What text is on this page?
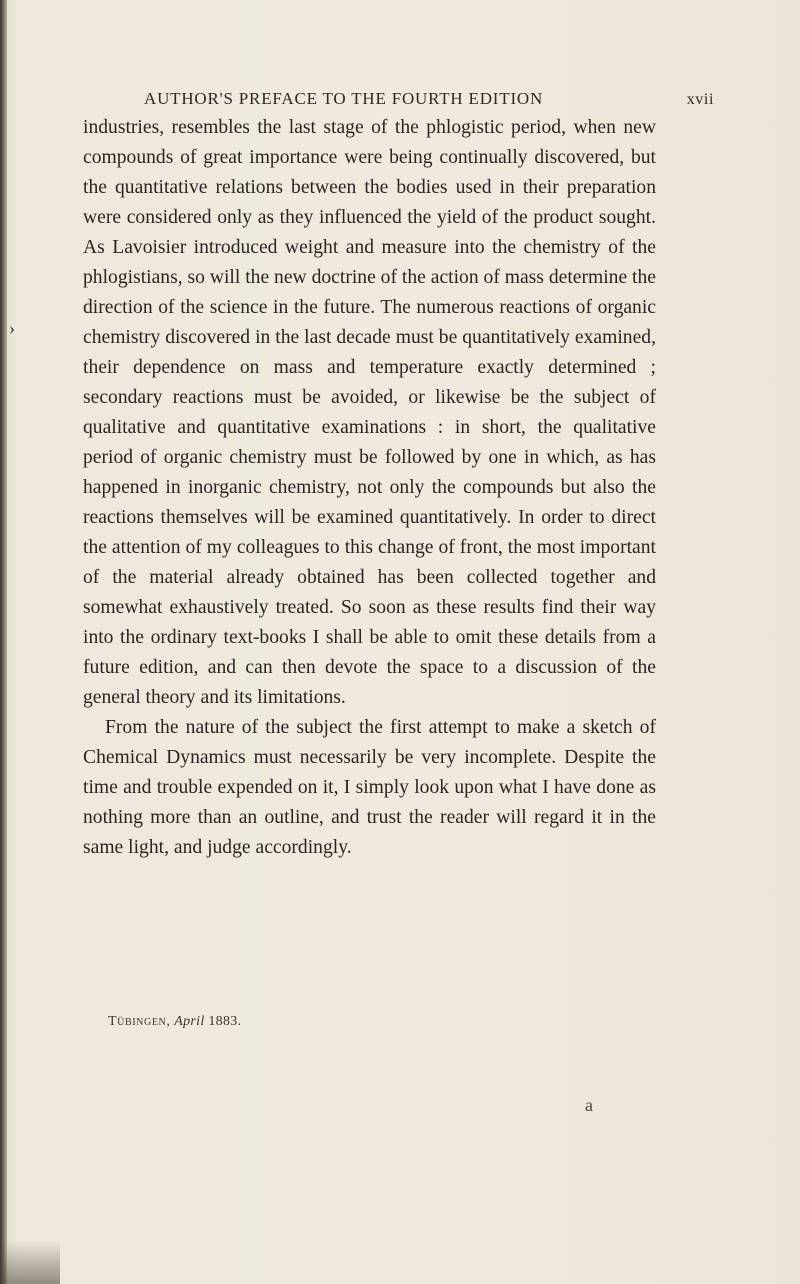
›
AUTHOR'S PREFACE TO THE FOURTH EDITION	xvii

industries, resembles the last stage of the phlogistic period, when new compounds of great importance were being continually discovered, but the quantitative relations between the bodies used in their preparation were considered only as they influenced the yield of the product sought. As Lavoisier introduced weight and measure into the chemistry of the phlogistians, so will the new doctrine of the action of mass determine the direction of the science in the future. The numerous reactions of organic chemistry discovered in the last decade must be quantitatively examined, their dependence on mass and temperature exactly determined ; secondary reactions must be avoided, or likewise be the subject of qualitative and quantitative examinations : in short, the qualitative period of organic chemistry must be followed by one in which, as has happened in inorganic chemistry, not only the compounds but also the reactions themselves will be examined quantitatively. In order to direct the attention of my colleagues to this change of front, the most important of the material already obtained has been collected together and somewhat exhaustively treated. So soon as these results find their way into the ordinary text-books I shall be able to omit these details from a future edition, and can then devote the space to a discussion of the general theory and its limitations.

From the nature of the subject the first attempt to make a sketch of Chemical Dynamics must necessarily be very incomplete. Despite the time and trouble expended on it, I simply look upon what I have done as nothing more than an outline, and trust the reader will regard it in the same light, and judge accordingly.

Tübingen, April 1883.
a
